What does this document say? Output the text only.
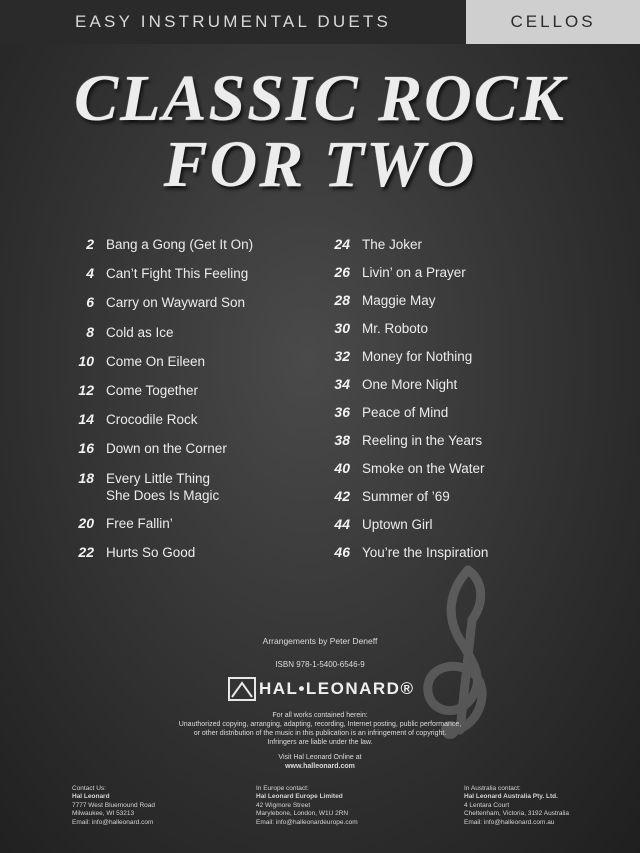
EASY INSTRUMENTAL DUETS	CELLOS
CLASSIC ROCK
FOR TWO
2 Bang a Gong (Get It On)
4 Can’t Fight This Feeling
6 Carry on Wayward Son
8 Cold as Ice
10 Come On Eileen
12 Come Together
14 Crocodile Rock
16 Down on the Corner
18 Every Little Thing
She Does Is Magic
20 Free Fallin’
22 Hurts So Good
24 The Joker
26 Livin’ on a Prayer
28 Maggie May
30 Mr. Roboto
32 Money for Nothing
34 One More Night
36 Peace of Mind
38 Reeling in the Years
40 Smoke on the Water
42 Summer of ’69
44 Uptown Girl
46 You’re the Inspiration
Arrangements by Peter Deneff
ISBN 978-1-5400-6546-9
HAL•LEONARD®
For all works contained herein:
Unauthorized copying, arranging, adapting, recording, Internet posting, public performance,
or other distribution of the music in this publication is an infringement of copyright.
Infringers are liable under the law.
Visit Hal Leonard Online at
www.halleonard.com
Contact Us:
Hal Leonard
7777 West Bluemound Road
Milwaukee, WI 53213
Email: info@halleonard.com
In Europe contact:
Hal Leonard Europe Limited
42 Wigmore Street
Marylebone, London, W1U 2RN
Email: info@halleonardeurope.com
In Australia contact:
Hal Leonard Australia Pty. Ltd.
4 Lentara Court
Cheltenham, Victoria, 3192 Australia
Email: info@halleonard.com.au
